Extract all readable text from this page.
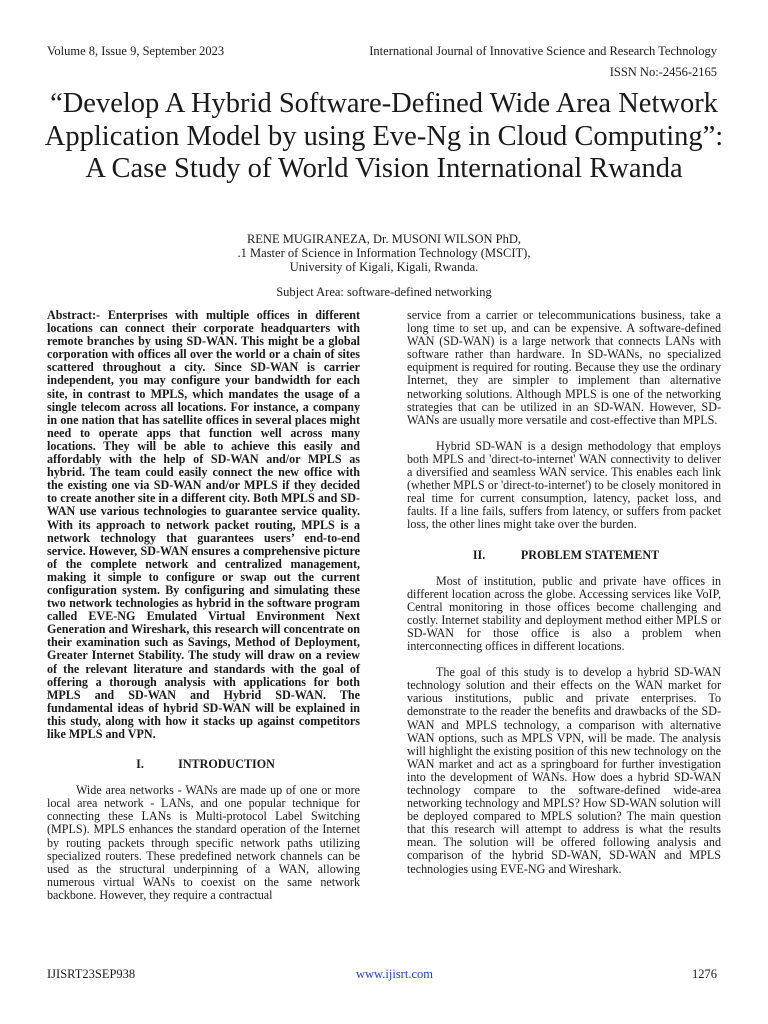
Volume 8, Issue 9, September 2023	International Journal of Innovative Science and Research Technology
ISSN No:-2456-2165
“Develop A Hybrid Software-Defined Wide Area Network Application Model by using Eve-Ng in Cloud Computing”: A Case Study of World Vision International Rwanda
RENE MUGIRANEZA, Dr. MUSONI WILSON PhD,
.1 Master of Science in Information Technology (MSCIT),
University of Kigali, Kigali, Rwanda.
Subject Area: software-defined networking

Abstract:- Enterprises with multiple offices in different locations can connect their corporate headquarters with remote branches by using SD-WAN. This might be a global corporation with offices all over the world or a chain of sites scattered throughout a city. Since SD-WAN is carrier independent, you may configure your bandwidth for each site, in contrast to MPLS, which mandates the usage of a single telecom across all locations. For instance, a company in one nation that has satellite offices in several places might need to operate apps that function well across many locations. They will be able to achieve this easily and affordably with the help of SD-WAN and/or MPLS as hybrid. The team could easily connect the new office with the existing one via SD-WAN and/or MPLS if they decided to create another site in a different city. Both MPLS and SD-WAN use various technologies to guarantee service quality. With its approach to network packet routing, MPLS is a network technology that guarantees users’ end-to-end service. However, SD-WAN ensures a comprehensive picture of the complete network and centralized management, making it simple to configure or swap out the current configuration system. By configuring and simulating these two network technologies as hybrid in the software program called EVE-NG Emulated Virtual Environment Next Generation and Wireshark, this research will concentrate on their examination such as Savings, Method of Deployment, Greater Internet Stability. The study will draw on a review of the relevant literature and standards with the goal of offering a thorough analysis with applications for both MPLS and SD-WAN and Hybrid SD-WAN. The fundamental ideas of hybrid SD-WAN will be explained in this study, along with how it stacks up against competitors like MPLS and VPN.

I.	INTRODUCTION

Wide area networks - WANs are made up of one or more local area network - LANs, and one popular technique for connecting these LANs is Multi-protocol Label Switching (MPLS). MPLS enhances the standard operation of the Internet by routing packets through specific network paths utilizing specialized routers. These predefined network channels can be used as the structural underpinning of a WAN, allowing numerous virtual WANs to coexist on the same network backbone. However, they require a contractual

service from a carrier or telecommunications business, take a long time to set up, and can be expensive. A software-defined WAN (SD-WAN) is a large network that connects LANs with software rather than hardware. In SD-WANs, no specialized equipment is required for routing. Because they use the ordinary Internet, they are simpler to implement than alternative networking solutions. Although MPLS is one of the networking strategies that can be utilized in an SD-WAN. However, SD-WANs are usually more versatile and cost-effective than MPLS.

Hybrid SD-WAN is a design methodology that employs both MPLS and 'direct-to-internet' WAN connectivity to deliver a diversified and seamless WAN service. This enables each link (whether MPLS or 'direct-to-internet') to be closely monitored in real time for current consumption, latency, packet loss, and faults. If a line fails, suffers from latency, or suffers from packet loss, the other lines might take over the burden.

II.	PROBLEM STATEMENT

Most of institution, public and private have offices in different location across the globe. Accessing services like VoIP, Central monitoring in those offices become challenging and costly. Internet stability and deployment method either MPLS or SD-WAN for those office is also a problem when interconnecting offices in different locations.

The goal of this study is to develop a hybrid SD-WAN technology solution and their effects on the WAN market for various institutions, public and private enterprises. To demonstrate to the reader the benefits and drawbacks of the SD-WAN and MPLS technology, a comparison with alternative WAN options, such as MPLS VPN, will be made. The analysis will highlight the existing position of this new technology on the WAN market and act as a springboard for further investigation into the development of WANs. How does a hybrid SD-WAN technology compare to the software-defined wide-area networking technology and MPLS? How SD-WAN solution will be deployed compared to MPLS solution? The main question that this research will attempt to address is what the results mean. The solution will be offered following analysis and comparison of the hybrid SD-WAN, SD-WAN and MPLS technologies using EVE-NG and Wireshark.

IJISRT23SEP938	www.ijisrt.com	1276
